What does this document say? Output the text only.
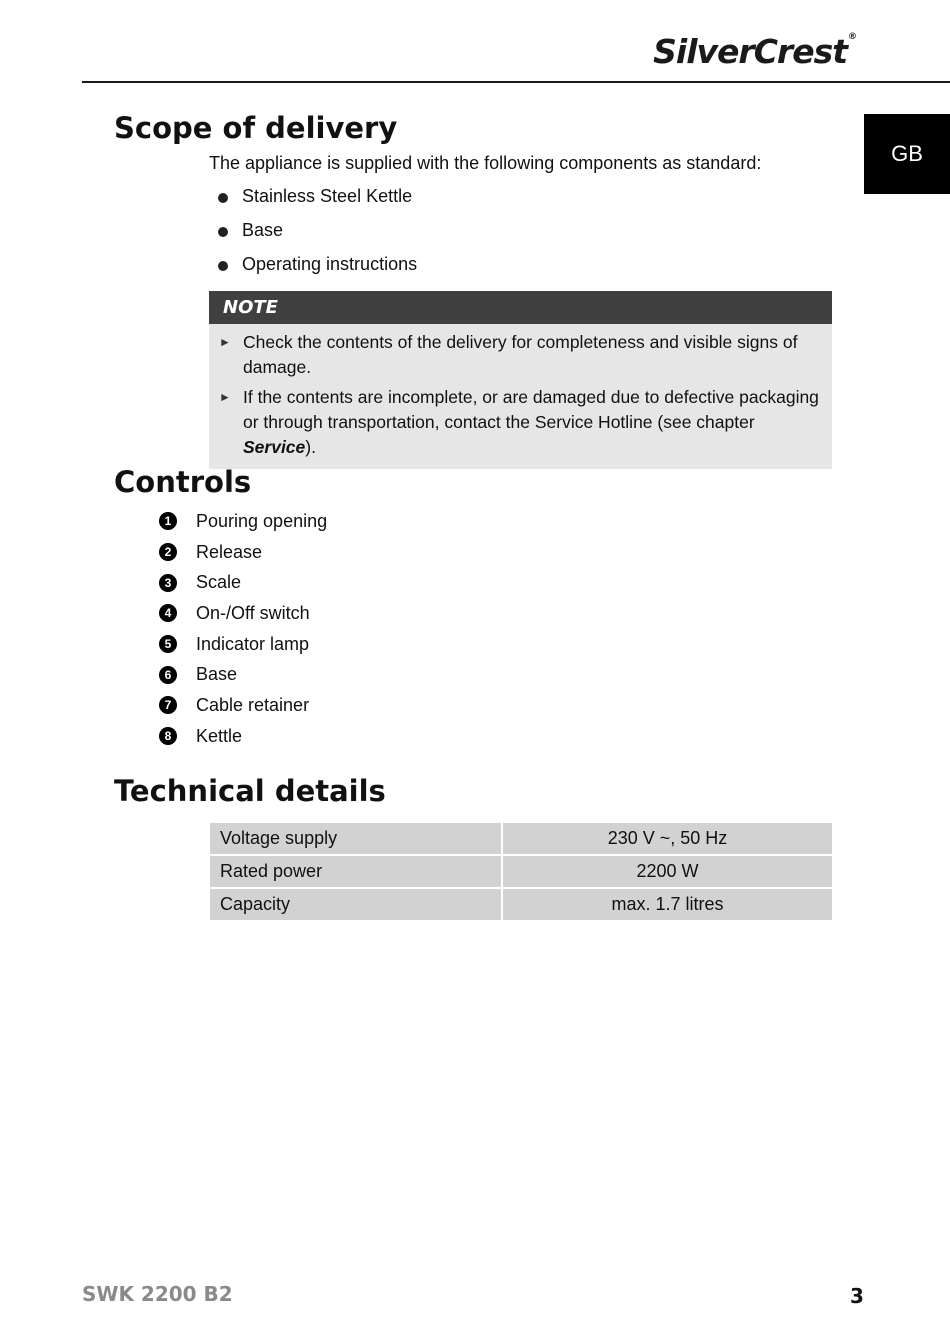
SilverCrest®
GB
Scope of delivery
The appliance is supplied with the following components as standard:
Stainless Steel Kettle
Base
Operating instructions
NOTE
► Check the contents of the delivery for completeness and visible signs of damage.
► If the contents are incomplete, or are damaged due to defective packaging or through transportation, contact the Service Hotline (see chapter Service).
Controls
1	Pouring opening
2	Release
3	Scale
4	On-/Off switch
5	Indicator lamp
6	Base
7	Cable retainer
8	Kettle
Technical details
Voltage supply	230 V ~, 50 Hz
Rated power	2200 W
Capacity	max. 1.7 litres
SWK 2200 B2	3
